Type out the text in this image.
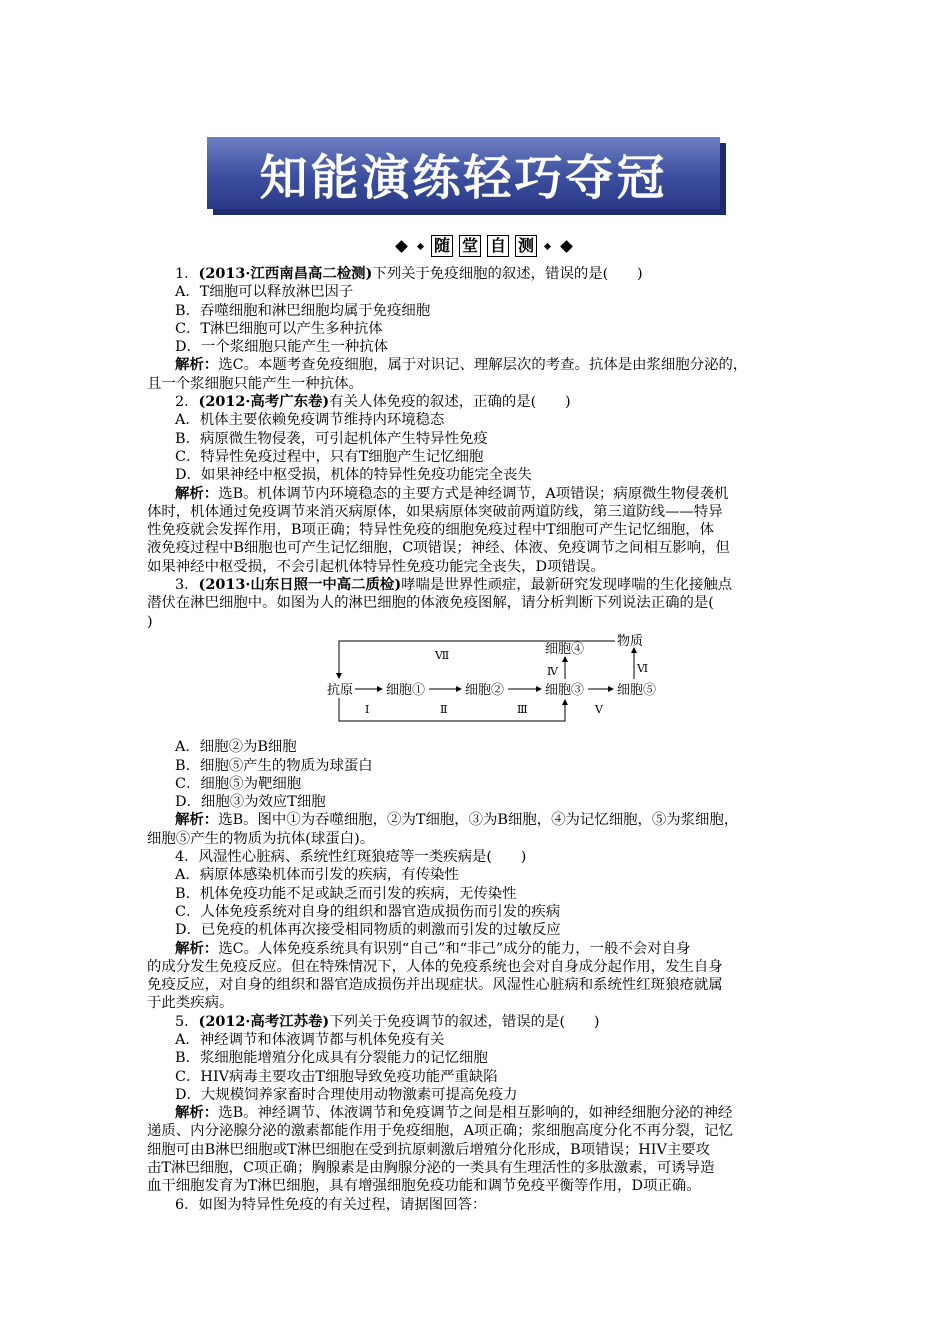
知能演练轻巧夺冠
随 堂 自 测
1．(2013·江西南昌高二检测)下列关于免疫细胞的叙述，错误的是(　　)
A．T细胞可以释放淋巴因子
B．吞噬细胞和淋巴细胞均属于免疫细胞
C．T淋巴细胞可以产生多种抗体
D．一个浆细胞只能产生一种抗体
解析：选C。本题考查免疫细胞，属于对识记、理解层次的考查。抗体是由浆细胞分泌的，
且一个浆细胞只能产生一种抗体。
2．(2012·高考广东卷)有关人体免疫的叙述，正确的是(　　)
A．机体主要依赖免疫调节维持内环境稳态
B．病原微生物侵袭，可引起机体产生特异性免疫
C．特异性免疫过程中，只有T细胞产生记忆细胞
D．如果神经中枢受损，机体的特异性免疫功能完全丧失
解析：选B。机体调节内环境稳态的主要方式是神经调节，A项错误；病原微生物侵袭机
体时，机体通过免疫调节来消灭病原体，如果病原体突破前两道防线，第三道防线——特异
性免疫就会发挥作用，B项正确；特异性免疫的细胞免疫过程中T细胞可产生记忆细胞，体
液免疫过程中B细胞也可产生记忆细胞，C项错误；神经、体液、免疫调节之间相互影响，但
如果神经中枢受损，不会引起机体特异性免疫功能完全丧失，D项错误。
3．(2013·山东日照一中高二质检)哮喘是世界性顽症，最新研究发现哮喘的生化接触点
潜伏在淋巴细胞中。如图为人的淋巴细胞的体液免疫图解，请分析判断下列说法正确的是(
)
抗原	细胞①	细胞②	细胞③	细胞⑤
细胞④
物质
Ⅰ	Ⅱ	Ⅲ
Ⅳ
Ⅴ
Ⅵ
Ⅶ
A．细胞②为B细胞
B．细胞⑤产生的物质为球蛋白
C．细胞⑤为靶细胞
D．细胞③为效应T细胞
解析：选B。图中①为吞噬细胞，②为T细胞，③为B细胞，④为记忆细胞，⑤为浆细胞，
细胞⑤产生的物质为抗体(球蛋白)。
4．风湿性心脏病、系统性红斑狼疮等一类疾病是(　　)
A．病原体感染机体而引发的疾病，有传染性
B．机体免疫功能不足或缺乏而引发的疾病，无传染性
C．人体免疫系统对自身的组织和器官造成损伤而引发的疾病
D．已免疫的机体再次接受相同物质的刺激而引发的过敏反应
解析：选C。人体免疫系统具有识别“自己”和“非己”成分的能力，一般不会对自身
的成分发生免疫反应。但在特殊情况下，人体的免疫系统也会对自身成分起作用，发生自身
免疫反应，对自身的组织和器官造成损伤并出现症状。风湿性心脏病和系统性红斑狼疮就属
于此类疾病。
5．(2012·高考江苏卷)下列关于免疫调节的叙述，错误的是(　　)
A．神经调节和体液调节都与机体免疫有关
B．浆细胞能增殖分化成具有分裂能力的记忆细胞
C．HIV病毒主要攻击T细胞导致免疫功能严重缺陷
D．大规模饲养家畜时合理使用动物激素可提高免疫力
解析：选B。神经调节、体液调节和免疫调节之间是相互影响的，如神经细胞分泌的神经
递质、内分泌腺分泌的激素都能作用于免疫细胞，A项正确；浆细胞高度分化不再分裂，记忆
细胞可由B淋巴细胞或T淋巴细胞在受到抗原刺激后增殖分化形成，B项错误；HIV主要攻
击T淋巴细胞，C项正确；胸腺素是由胸腺分泌的一类具有生理活性的多肽激素，可诱导造
血干细胞发育为T淋巴细胞，具有增强细胞免疫功能和调节免疫平衡等作用，D项正确。
6．如图为特异性免疫的有关过程，请据图回答：
